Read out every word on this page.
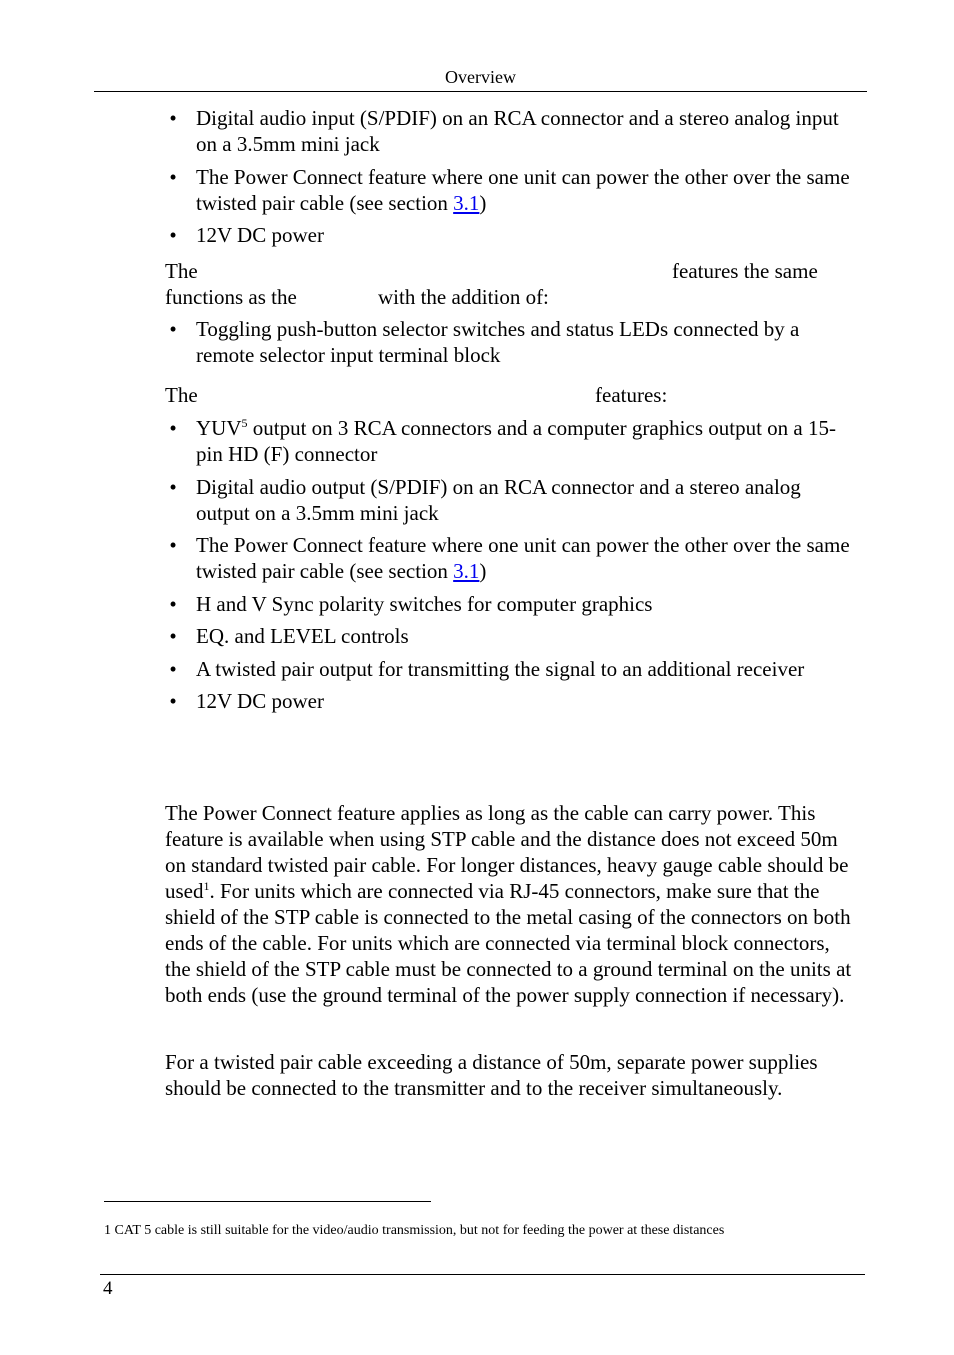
Overview
• Digital audio input (S/PDIF) on an RCA connector and a stereo analog input on a 3.5mm mini jack
• The Power Connect feature where one unit can power the other over the same twisted pair cable (see section 3.1)
• 12V DC power
The	features the same
functions as the	with the addition of:
• Toggling push-button selector switches and status LEDs connected by a remote selector input terminal block
The	features:
• YUV$^5$ output on 3 RCA connectors and a computer graphics output on a 15-pin HD (F) connector
• Digital audio output (S/PDIF) on an RCA connector and a stereo analog output on a 3.5mm mini jack
• The Power Connect feature where one unit can power the other over the same twisted pair cable (see section 3.1)
• H and V Sync polarity switches for computer graphics
• EQ. and LEVEL controls
• A twisted pair output for transmitting the signal to an additional receiver
• 12V DC power

The Power Connect feature applies as long as the cable can carry power. This feature is available when using STP cable and the distance does not exceed 50m on standard twisted pair cable. For longer distances, heavy gauge cable should be used$^1$. For units which are connected via RJ-45 connectors, make sure that the shield of the STP cable is connected to the metal casing of the connectors on both ends of the cable. For units which are connected via terminal block connectors, the shield of the STP cable must be connected to a ground terminal on the units at both ends (use the ground terminal of the power supply connection if necessary).

For a twisted pair cable exceeding a distance of 50m, separate power supplies should be connected to the transmitter and to the receiver simultaneously.

1 CAT 5 cable is still suitable for the video/audio transmission, but not for feeding the power at these distances
4
